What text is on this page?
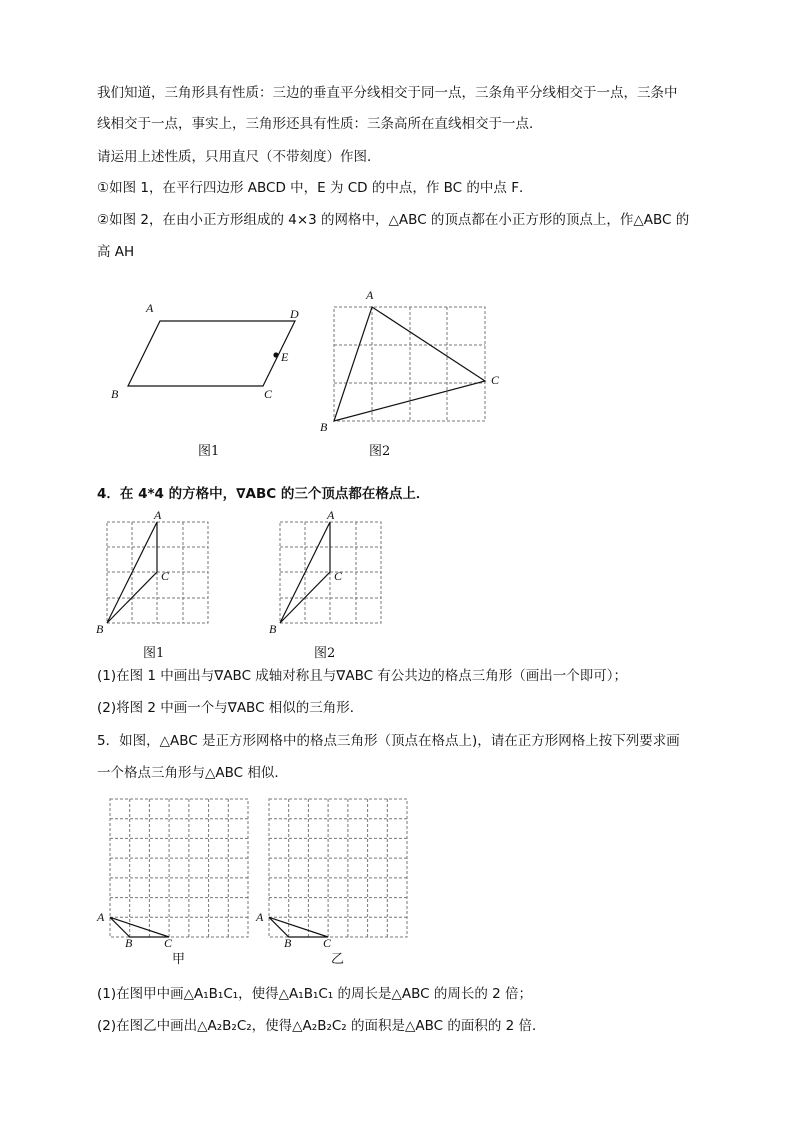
我们知道，三角形具有性质：三边的垂直平分线相交于同一点，三条角平分线相交于一点，三条中
线相交于一点，事实上，三角形还具有性质：三条高所在直线相交于一点．
请运用上述性质，只用直尺（不带刻度）作图．
①如图 1，在平行四边形 ABCD 中，E 为 CD 的中点，作 BC 的中点 F．
②如图 2，在由小正方形组成的 4×3 的网格中，△ABC 的顶点都在小正方形的顶点上，作△ABC 的
高 AH
A	D
E
B	C
图1
A
C
B
图2
4．在 4*4 的方格中，∇ABC 的三个顶点都在格点上．
A
C
B
图1
A
C
B
图2
(1)在图 1 中画出与∇ABC 成轴对称且与∇ABC 有公共边的格点三角形（画出一个即可）；
(2)将图 2 中画一个与∇ABC 相似的三角形．
5．如图，△ABC 是正方形网格中的格点三角形（顶点在格点上)，请在正方形网格上按下列要求画
一个格点三角形与△ABC 相似．
A
B	C
甲
A
B	C
乙
(1)在图甲中画△A₁B₁C₁，使得△A₁B₁C₁ 的周长是△ABC 的周长的 2 倍；
(2)在图乙中画出△A₂B₂C₂，使得△A₂B₂C₂ 的面积是△ABC 的面积的 2 倍．
